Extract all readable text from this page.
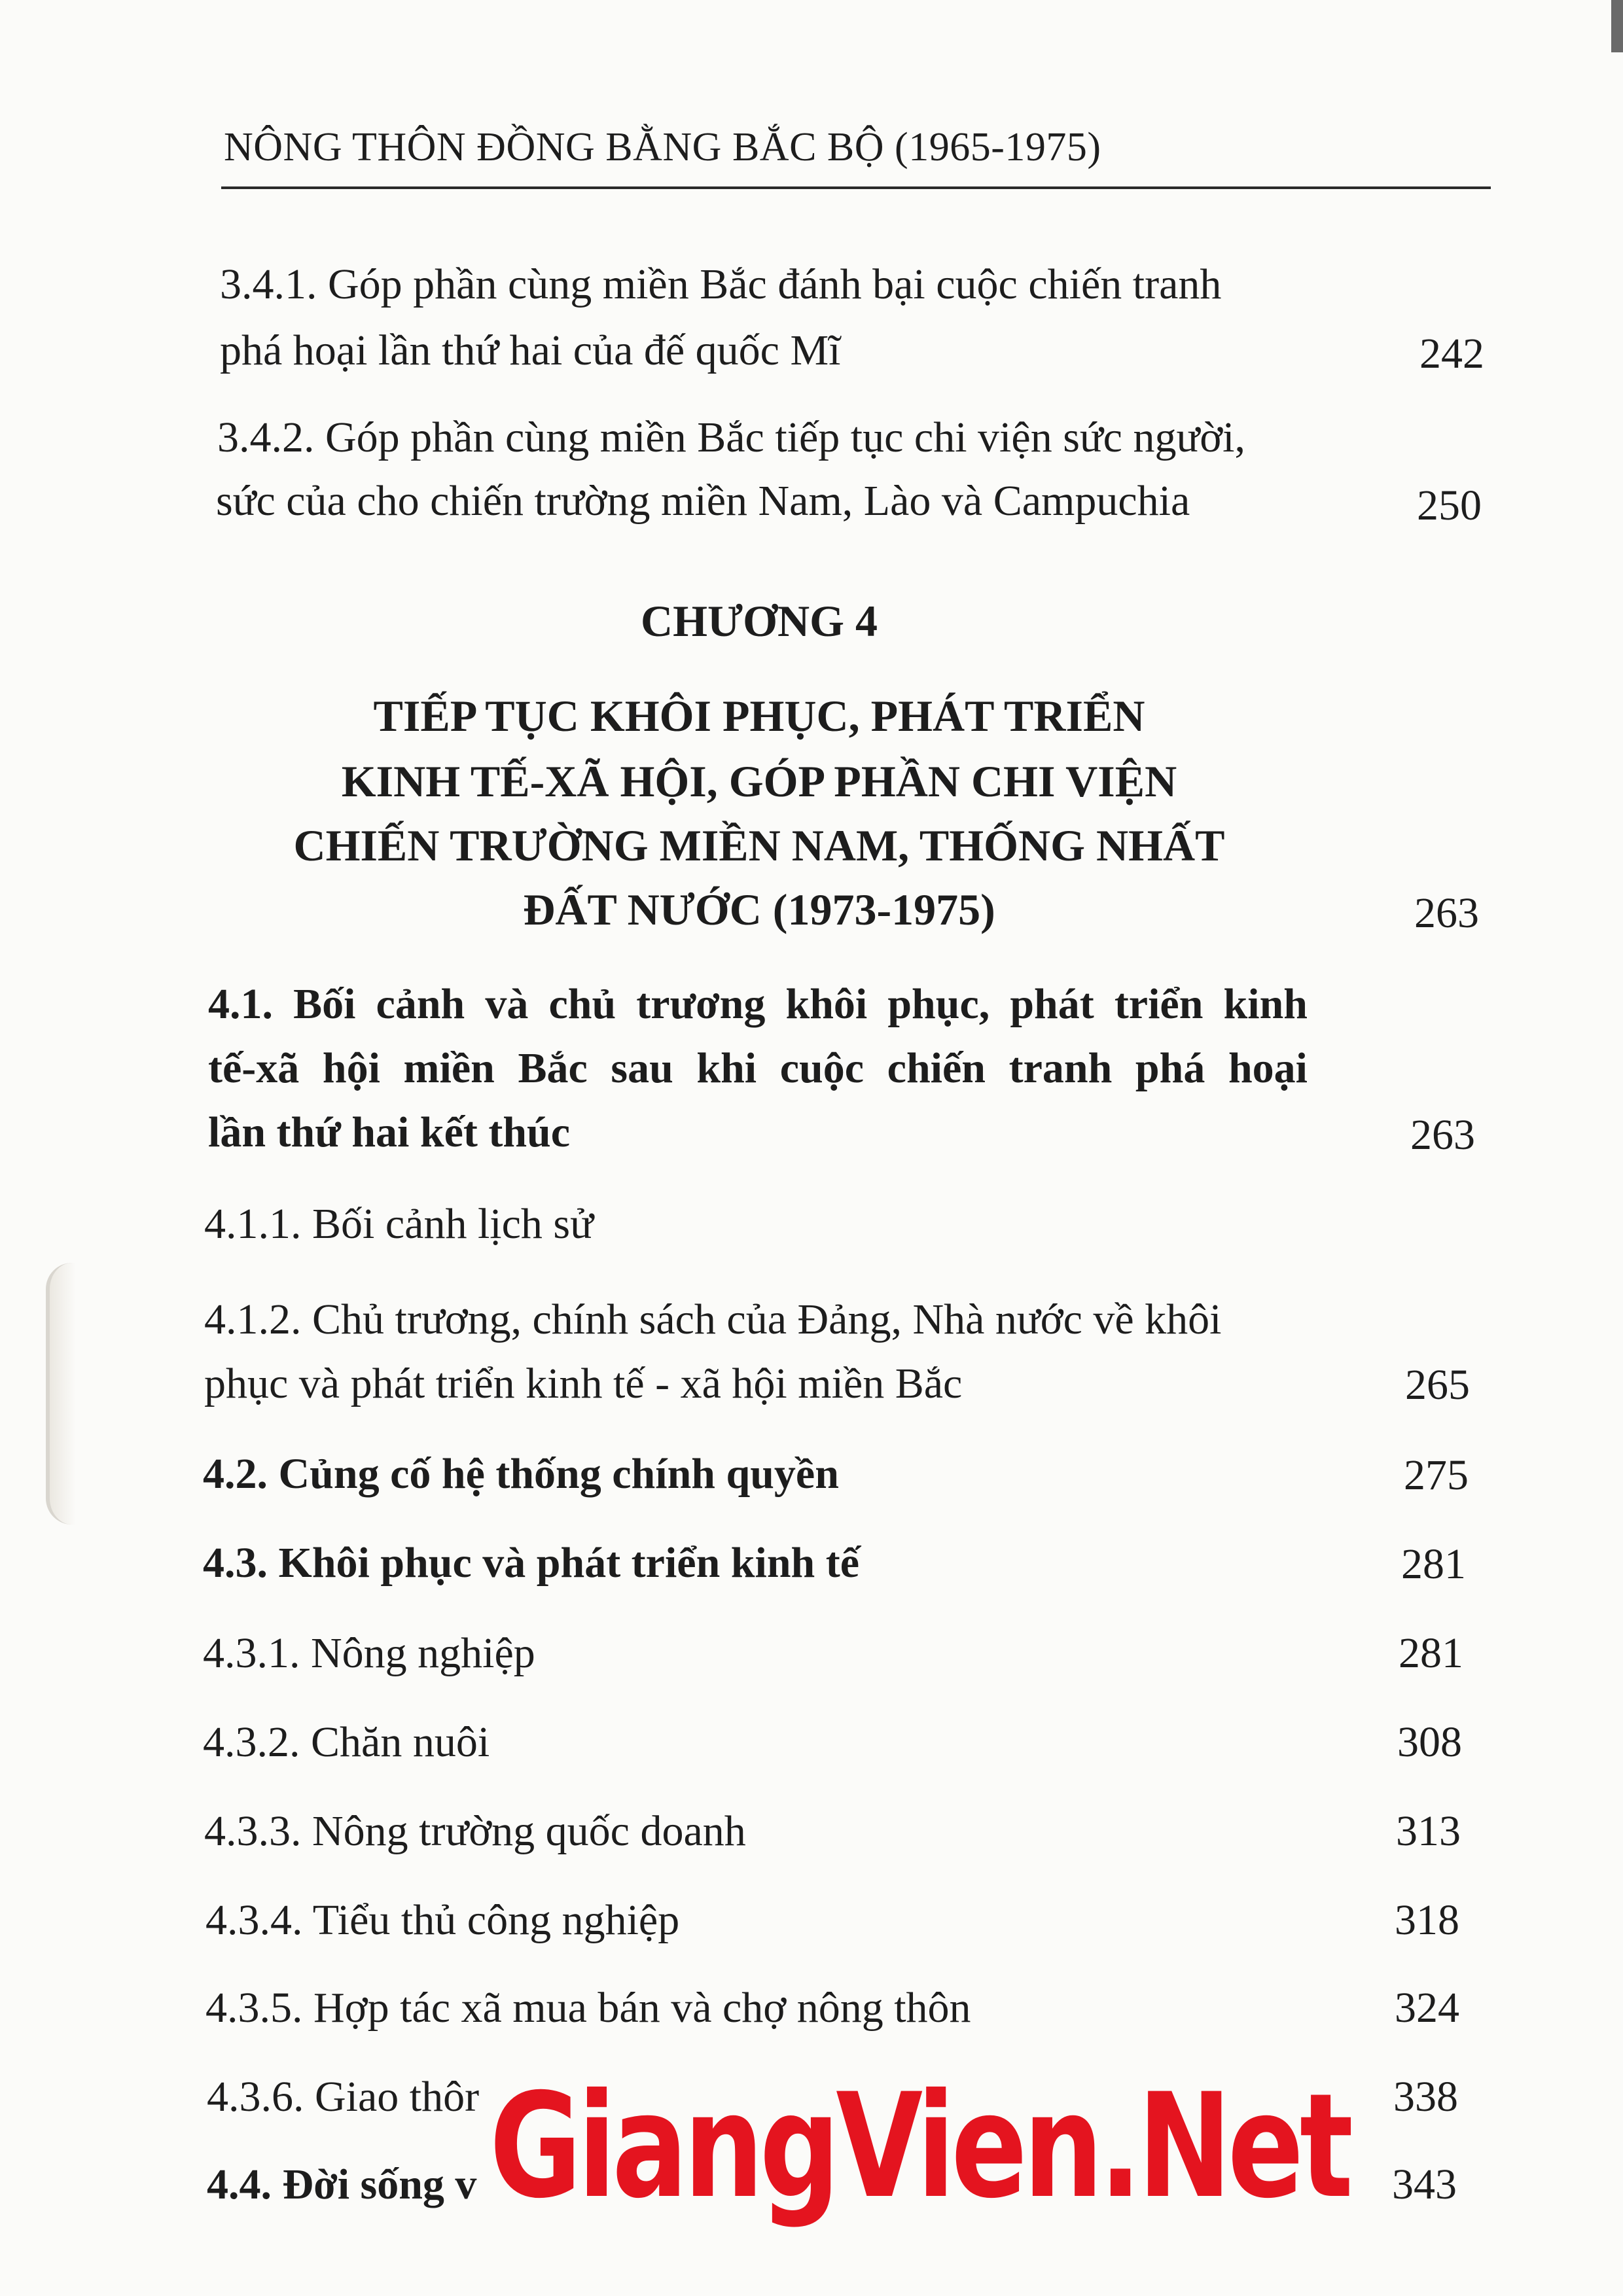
NÔNG THÔN ĐỒNG BẰNG BẮC BỘ (1965-1975)
3.4.1. Góp phần cùng miền Bắc đánh bại cuộc chiến tranh
phá hoại lần thứ hai của đế quốc Mĩ	242
3.4.2. Góp phần cùng miền Bắc tiếp tục chi viện sức người,
sức của cho chiến trường miền Nam, Lào và Campuchia	250
CHƯƠNG 4
TIẾP TỤC KHÔI PHỤC, PHÁT TRIỂN
KINH TẾ-XÃ HỘI, GÓP PHẦN CHI VIỆN
CHIẾN TRƯỜNG MIỀN NAM, THỐNG NHẤT
ĐẤT NƯỚC (1973-1975)	263
4.1. Bối cảnh và chủ trương khôi phục, phát triển kinh
tế-xã hội miền Bắc sau khi cuộc chiến tranh phá hoại
lần thứ hai kết thúc	263
4.1.1. Bối cảnh lịch sử
4.1.2. Chủ trương, chính sách của Đảng, Nhà nước về khôi
phục và phát triển kinh tế - xã hội miền Bắc	265
4.2. Củng cố hệ thống chính quyền	275
4.3. Khôi phục và phát triển kinh tế	281
4.3.1. Nông nghiệp	281
4.3.2. Chăn nuôi	308
4.3.3. Nông trường quốc doanh	313
4.3.4. Tiểu thủ công nghiệp	318
4.3.5. Hợp tác xã mua bán và chợ nông thôn	324
4.3.6. Giao thôr	338
4.4. Đời sống v	343
GiangVien.Net
